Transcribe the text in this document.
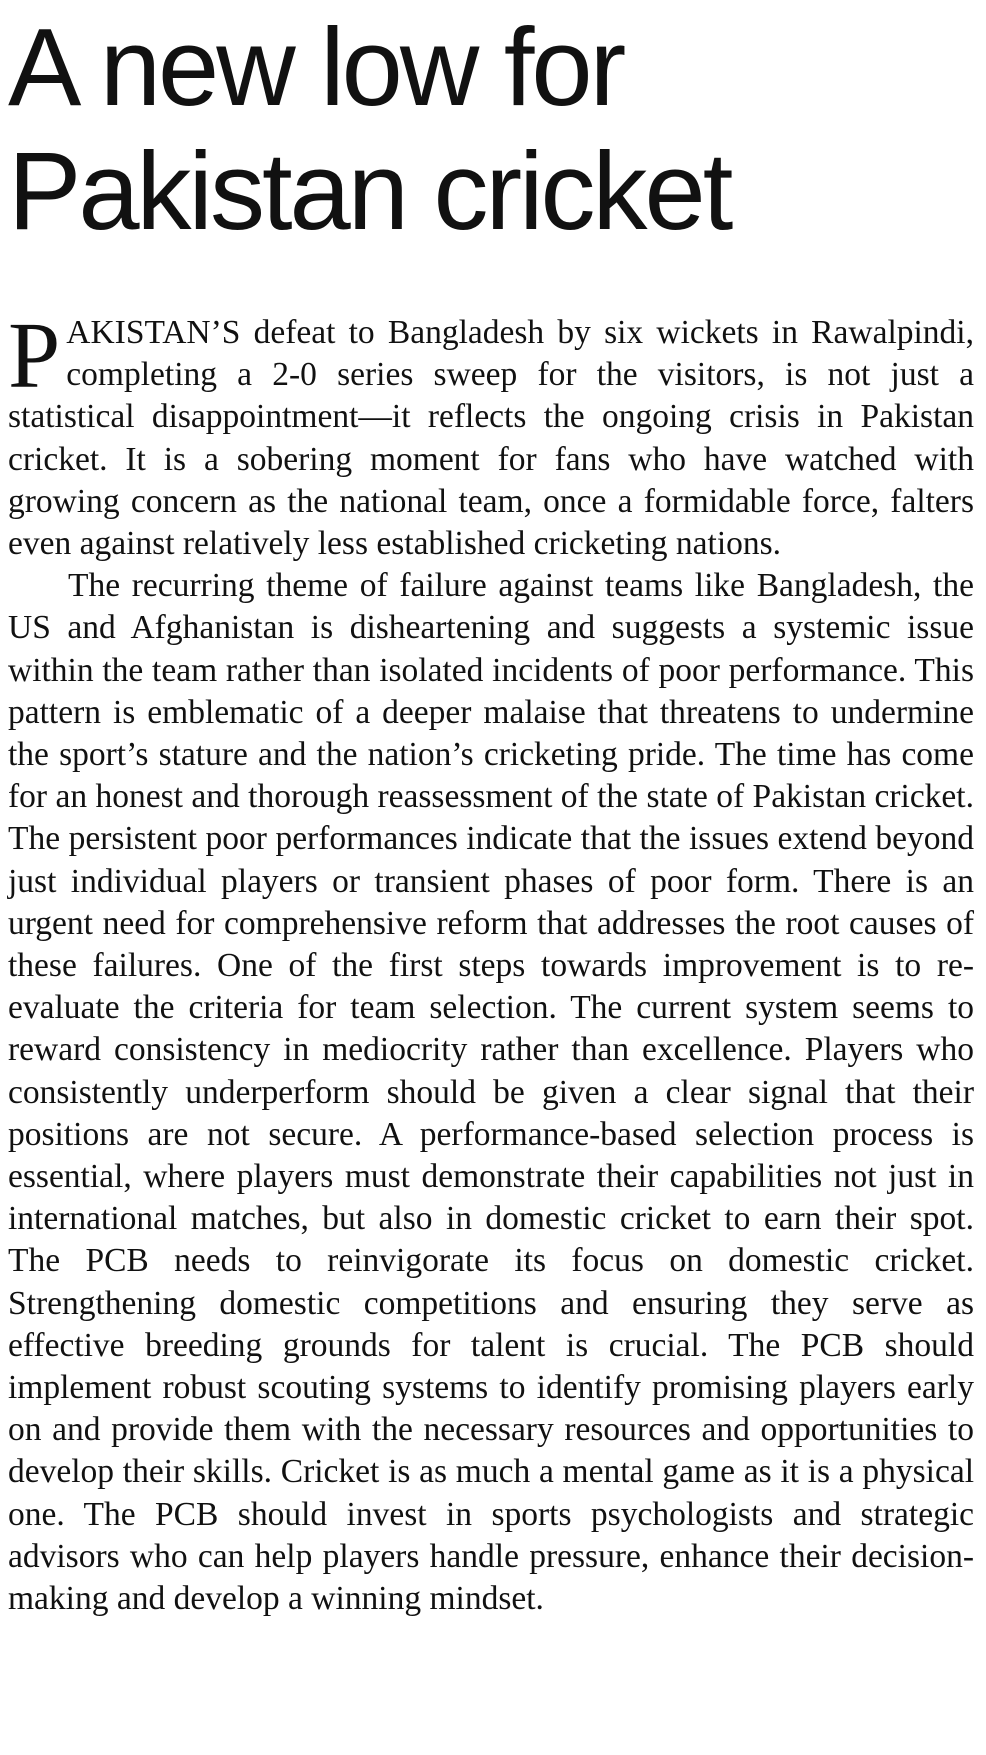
A new low for
Pakistan cricket

PAKISTAN’S defeat to Bangladesh by six wickets in Rawalpindi, completing a 2-0 series sweep for the visitors, is not just a statistical disappointment—it reflects the ongoing crisis in Pakistan cricket. It is a sobering moment for fans who have watched with growing concern as the national team, once a formidable force, falters even against relatively less established cricketing nations.

The recurring theme of failure against teams like Bangladesh, the US and Afghanistan is disheartening and suggests a systemic issue within the team rather than isolated incidents of poor performance. This pattern is emblematic of a deeper malaise that threatens to undermine the sport’s stature and the nation’s cricketing pride. The time has come for an honest and thorough reassessment of the state of Pakistan cricket. The persistent poor performances indicate that the issues extend beyond just individual players or transient phases of poor form. There is an urgent need for comprehensive reform that addresses the root causes of these failures. One of the first steps towards improvement is to re-evaluate the criteria for team selection. The current system seems to reward consistency in mediocrity rather than excellence. Players who consistently underperform should be given a clear signal that their positions are not secure. A performance-based selection process is essential, where players must demonstrate their capabilities not just in international matches, but also in domestic cricket to earn their spot. The PCB needs to reinvigorate its focus on domestic cricket. Strengthening domestic competitions and ensuring they serve as effective breeding grounds for talent is crucial. The PCB should implement robust scouting systems to identify promising players early on and provide them with the necessary resources and opportunities to develop their skills. Cricket is as much a mental game as it is a physical one. The PCB should invest in sports psychologists and strategic advisors who can help players handle pressure, enhance their decision-making and develop a winning mindset.
